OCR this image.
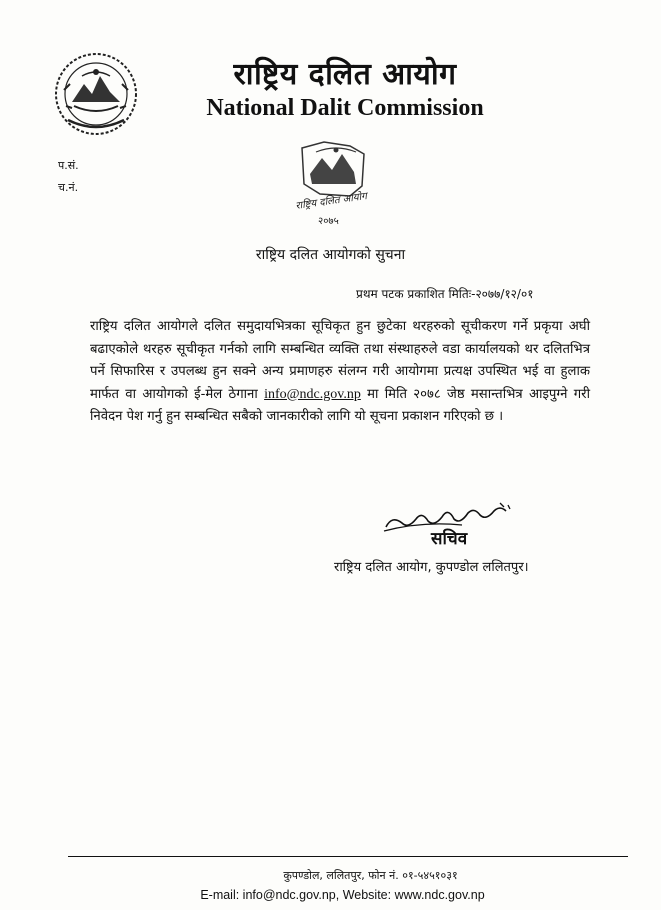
राष्ट्रिय दलित आयोग
National Dalit Commission
प.सं.
च.नं.
राष्ट्रिय दलित आयोग
२०७५
राष्ट्रिय दलित आयोगको सुचना
प्रथम पटक प्रकाशित मितिः-२०७७/१२/०१
राष्ट्रिय दलित आयोगले दलित समुदायभित्रका सूचिकृत हुन छुटेका थरहरुको सूचीकरण गर्ने प्रकृया अघी बढाएकोले थरहरु सूचीकृत गर्नको लागि सम्बन्धित व्यक्ति तथा संस्थाहरुले वडा कार्यालयको थर दलितभित्र पर्ने सिफारिस र उपलब्ध हुन सक्ने अन्य प्रमाणहरु संलग्न गरी आयोगमा प्रत्यक्ष उपस्थित भई वा हुलाक मार्फत वा आयोगको ई-मेल ठेगाना info@ndc.gov.np मा मिति २०७८ जेष्ठ मसान्तभित्र आइपुग्ने गरी निवेदन पेश गर्नु हुन सम्बन्धित सबैको जानकारीको लागि यो सूचना प्रकाशन गरिएको छ ।
सचिव
राष्ट्रिय दलित आयोग, कुपण्डोल ललितपुर।
कुपण्डोल, ललितपुर, फोन नं. ०१-५४५१०३१
E-mail: info@ndc.gov.np, Website: www.ndc.gov.np
